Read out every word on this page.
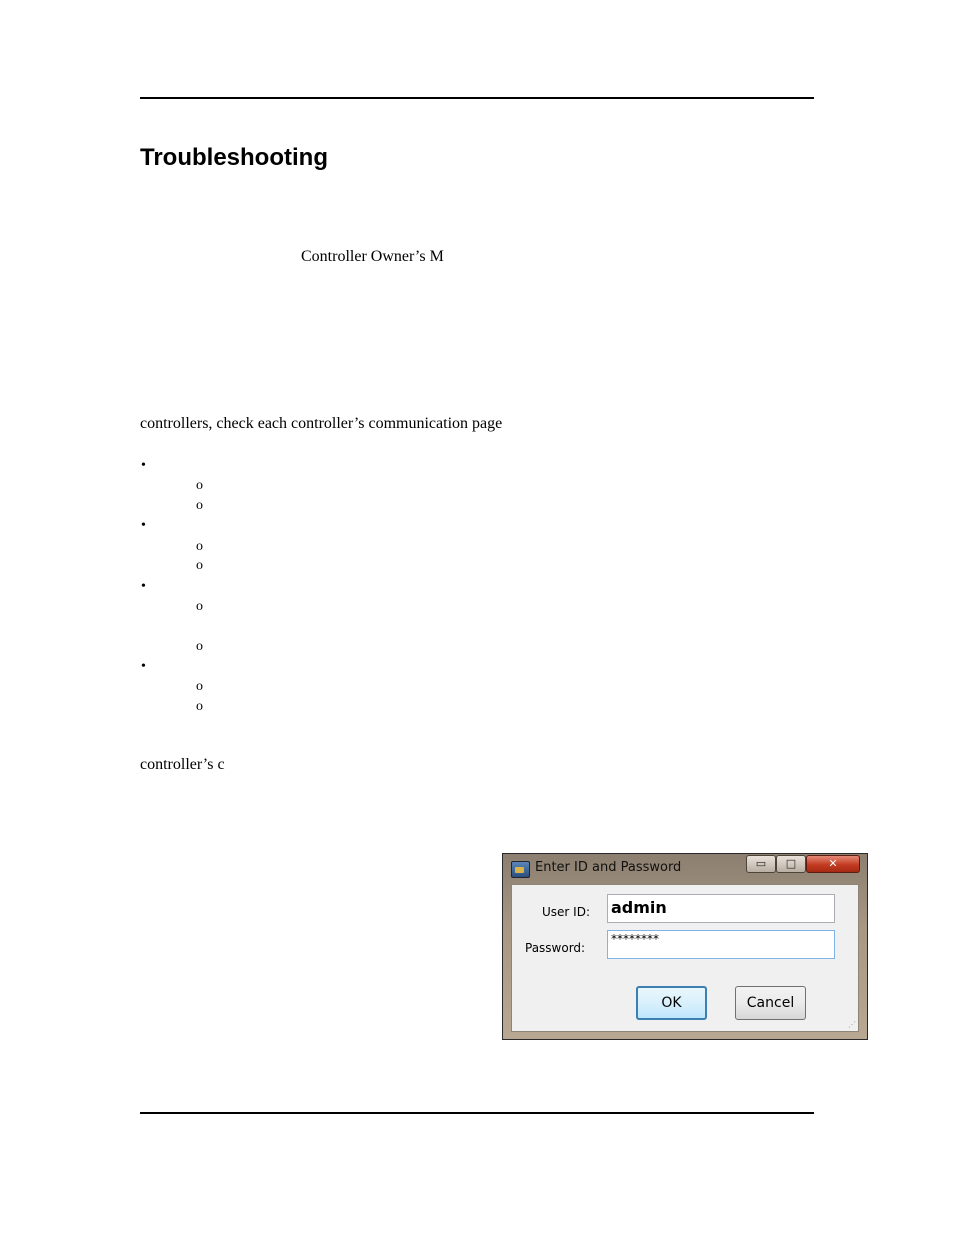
Troubleshooting
Controller Owner’s M
controllers, check each controller’s communication page
•
o
o
•
o
o
•
o
o
•
o
o
controller’s c
Enter ID and Password	▭	□	✕
User ID: admin
Password:
********
OK	Cancel
⋰
